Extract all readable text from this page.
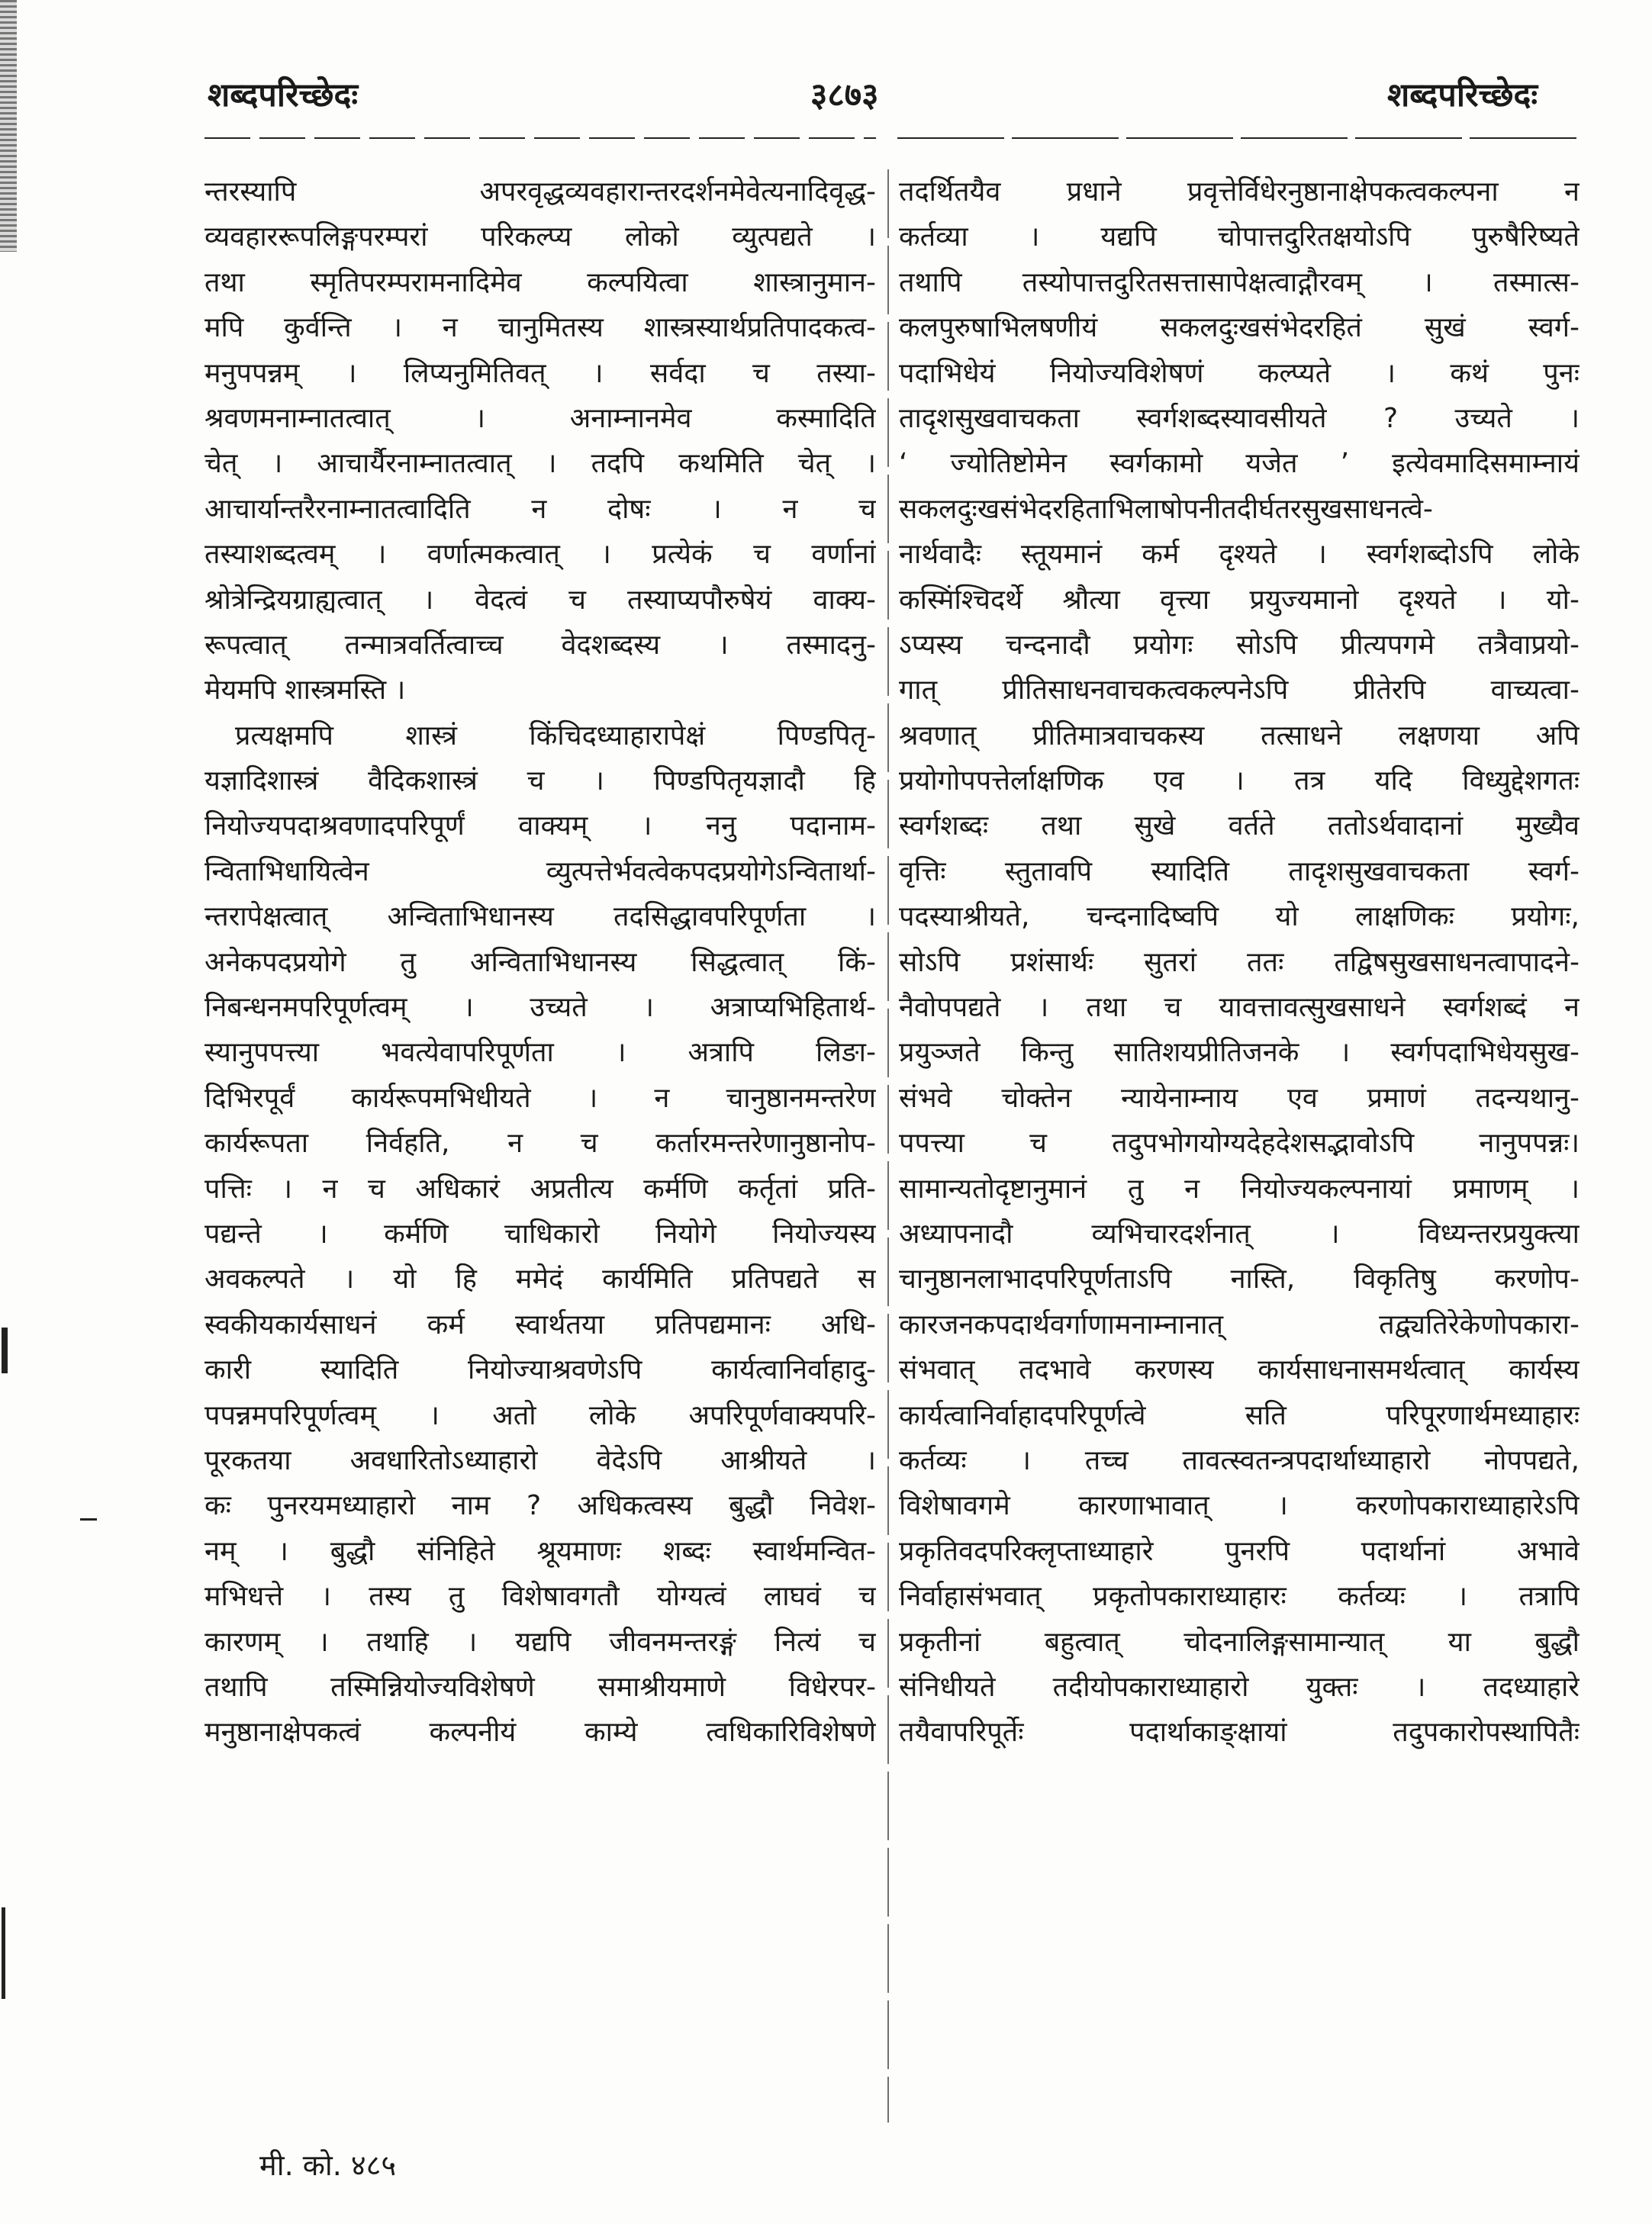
शब्दपरिच्छेदः	३८७३	शब्दपरिच्छेदः
न्तरस्यापि अपरवृद्धव्यवहारान्तरदर्शनमेवेत्यनादिवृद्ध-
व्यवहाररूपलिङ्गपरम्परां परिकल्प्य लोको व्युत्पद्यते ।
तथा स्मृतिपरम्परामनादिमेव कल्पयित्वा शास्त्रानुमान-
मपि कुर्वन्ति । न चानुमितस्य शास्त्रस्यार्थप्रतिपादकत्व-
मनुपपन्नम् । लिप्यनुमितिवत् । सर्वदा च तस्या-
श्रवणमनाम्नातत्वात् । अनाम्नानमेव कस्मादिति
चेत् । आचार्यैरनाम्नातत्वात् । तदपि कथमिति चेत् ।
आचार्यान्तरैरनाम्नातत्वादिति न दोषः । न च
तस्याशब्दत्वम् । वर्णात्मकत्वात् । प्रत्येकं च वर्णानां
श्रोत्रेन्द्रियग्राह्यत्वात् । वेदत्वं च तस्याप्यपौरुषेयं वाक्य-
रूपत्वात् तन्मात्रवर्तित्वाच्च वेदशब्दस्य । तस्मादनु-
मेयमपि शास्त्रमस्ति ।
प्रत्यक्षमपि शास्त्रं किंचिदध्याहारापेक्षं पिण्डपितृ-
यज्ञादिशास्त्रं वैदिकशास्त्रं च । पिण्डपितृयज्ञादौ हि
नियोज्यपदाश्रवणादपरिपूर्णं वाक्यम् । ननु पदानाम-
न्विताभिधायित्वेन व्युत्पत्तेर्भवत्वेकपदप्रयोगेऽन्वितार्था-
न्तरापेक्षत्वात् अन्विताभिधानस्य तदसिद्धावपरिपूर्णता ।
अनेकपदप्रयोगे तु अन्विताभिधानस्य सिद्धत्वात् किं-
निबन्धनमपरिपूर्णत्वम् । उच्यते । अत्राप्यभिहितार्थ-
स्यानुपपत्त्या भवत्येवापरिपूर्णता । अत्रापि लिङा-
दिभिरपूर्वं कार्यरूपमभिधीयते । न चानुष्ठानमन्तरेण
कार्यरूपता निर्वहति, न च कर्तारमन्तरेणानुष्ठानोप-
पत्तिः । न च अधिकारं अप्रतीत्य कर्मणि कर्तृतां प्रति-
पद्यन्ते । कर्मणि चाधिकारो नियोगे नियोज्यस्य
अवकल्पते । यो हि ममेदं कार्यमिति प्रतिपद्यते स
स्वकीयकार्यसाधनं कर्म स्वार्थतया प्रतिपद्यमानः अधि-
कारी स्यादिति नियोज्याश्रवणेऽपि कार्यत्वानिर्वाहादु-
पपन्नमपरिपूर्णत्वम् । अतो लोके अपरिपूर्णवाक्यपरि-
पूरकतया अवधारितोऽध्याहारो वेदेऽपि आश्रीयते ।
कः पुनरयमध्याहारो नाम ? अधिकत्वस्य बुद्धौ निवेश-
नम् । बुद्धौ संनिहिते श्रूयमाणः शब्दः स्वार्थमन्वित-
मभिधत्ते । तस्य तु विशेषावगतौ योग्यत्वं लाघवं च
कारणम् । तथाहि । यद्यपि जीवनमन्तरङ्गं नित्यं च
तथापि तस्मिन्नियोज्यविशेषणे समाश्रीयमाणे विधेरपर-
मनुष्ठानाक्षेपकत्वं कल्पनीयं काम्ये त्वधिकारिविशेषणे
तदर्थितयैव प्रधाने प्रवृत्तेर्विधेरनुष्ठानाक्षेपकत्वकल्पना न
कर्तव्या । यद्यपि चोपात्तदुरितक्षयोऽपि पुरुषैरिष्यते
तथापि तस्योपात्तदुरितसत्तासापेक्षत्वाद्गौरवम् । तस्मात्स-
कलपुरुषाभिलषणीयं सकलदुःखसंभेदरहितं सुखं स्वर्ग-
पदाभिधेयं नियोज्यविशेषणं कल्प्यते । कथं पुनः
तादृशसुखवाचकता स्वर्गशब्दस्यावसीयते ? उच्यते ।
‘ ज्योतिष्टोमेन स्वर्गकामो यजेत ’ इत्येवमादिसमाम्नायं
सकलदुःखसंभेदरहिताभिलाषोपनीतदीर्घतरसुखसाधनत्वे-
नार्थवादैः स्तूयमानं कर्म दृश्यते । स्वर्गशब्दोऽपि लोके
कस्मिंश्चिदर्थे श्रौत्या वृत्त्या प्रयुज्यमानो दृश्यते । यो-
ऽप्यस्य चन्दनादौ प्रयोगः सोऽपि प्रीत्यपगमे तत्रैवाप्रयो-
गात् प्रीतिसाधनवाचकत्वकल्पनेऽपि प्रीतेरपि वाच्यत्वा-
श्रवणात् प्रीतिमात्रवाचकस्य तत्साधने लक्षणया अपि
प्रयोगोपपत्तेर्लाक्षणिक एव । तत्र यदि विध्युद्देशगतः
स्वर्गशब्दः तथा सुखे वर्तते ततोऽर्थवादानां मुख्यैव
वृत्तिः स्तुतावपि स्यादिति तादृशसुखवाचकता स्वर्ग-
पदस्याश्रीयते, चन्दनादिष्वपि यो लाक्षणिकः प्रयोगः,
सोऽपि प्रशंसार्थः सुतरां ततः तद्विषसुखसाधनत्वापादने-
नैवोपपद्यते । तथा च यावत्तावत्सुखसाधने स्वर्गशब्दं न
प्रयुञ्जते किन्तु सातिशयप्रीतिजनके । स्वर्गपदाभिधेयसुख-
संभवे चोक्तेन न्यायेनाम्नाय एव प्रमाणं तदन्यथानु-
पपत्त्या च तदुपभोगयोग्यदेहदेशसद्भावोऽपि नानुपपन्नः।
सामान्यतोदृष्टानुमानं तु न नियोज्यकल्पनायां प्रमाणम् ।
अध्यापनादौ व्यभिचारदर्शनात् । विध्यन्तरप्रयुक्त्या
चानुष्ठानलाभादपरिपूर्णताऽपि नास्ति, विकृतिषु करणोप-
कारजनकपदार्थवर्गाणामनाम्नानात् तद्व्यतिरेकेणोपकारा-
संभवात् तदभावे करणस्य कार्यसाधनासमर्थत्वात् कार्यस्य
कार्यत्वानिर्वाहादपरिपूर्णत्वे सति परिपूरणार्थमध्याहारः
कर्तव्यः । तच्च तावत्स्वतन्त्रपदार्थाध्याहारो नोपपद्यते,
विशेषावगमे कारणाभावात् । करणोपकाराध्याहारेऽपि
प्रकृतिवदपरिक्लृप्ताध्याहारे पुनरपि पदार्थानां अभावे
निर्वाहासंभवात् प्रकृतोपकाराध्याहारः कर्तव्यः । तत्रापि
प्रकृतीनां बहुत्वात् चोदनालिङ्गसामान्यात् या बुद्धौ
संनिधीयते तदीयोपकाराध्याहारो युक्तः । तदध्याहारे
तयैवापरिपूर्तेः पदार्थाकाङ्क्षायां तदुपकारोपस्थापितैः
मी. को. ४८५
